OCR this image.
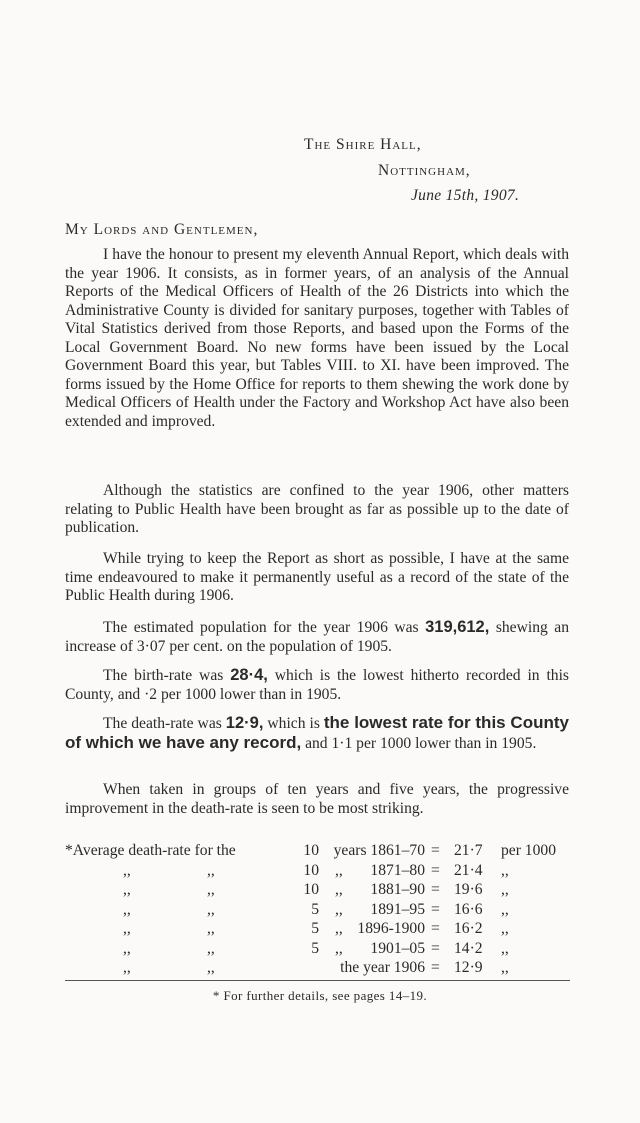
The Shire Hall,
Nottingham,
June 15th, 1907.
My Lords and Gentlemen,

I have the honour to present my eleventh Annual Report, which deals with the year 1906. It consists, as in former years, of an analysis of the Annual Reports of the Medical Officers of Health of the 26 Districts into which the Administrative County is divided for sanitary purposes, together with Tables of Vital Statistics derived from those Reports, and based upon the Forms of the Local Government Board. No new forms have been issued by the Local Government Board this year, but Tables VIII. to XI. have been improved. The forms issued by the Home Office for reports to them shewing the work done by Medical Officers of Health under the Factory and Workshop Act have also been extended and improved.

Although the statistics are confined to the year 1906, other matters relating to Public Health have been brought as far as possible up to the date of publication.

While trying to keep the Report as short as possible, I have at the same time endeavoured to make it permanently useful as a record of the state of the Public Health during 1906.

The estimated population for the year 1906 was 319,612, shewing an increase of 3·07 per cent. on the population of 1905.

The birth-rate was 28·4, which is the lowest hitherto recorded in this County, and ·2 per 1000 lower than in 1905.

The death-rate was 12·9, which is the lowest rate for this County of which we have any record, and 1·1 per 1000 lower than in 1905.

When taken in groups of ten years and five years, the progressive improvement in the death-rate is seen to be most striking.

*Average death-rate for the	10 years 1861–70 = 21·7 per 1000
,,	,,	10 ,,	1871–80 = 21·4 ,,
,,	,,	10 ,,	1881–90 = 19·6 ,,
,,	,,	5 ,,	1891–95 = 16·6 ,,
,,	,,	5 ,, 1896-1900 = 16·2 ,,
,,	,,	5 ,,	1901–05 = 14·2 ,,
,,	,,	the year 1906 = 12·9 ,,
* For further details, see pages 14–19.
